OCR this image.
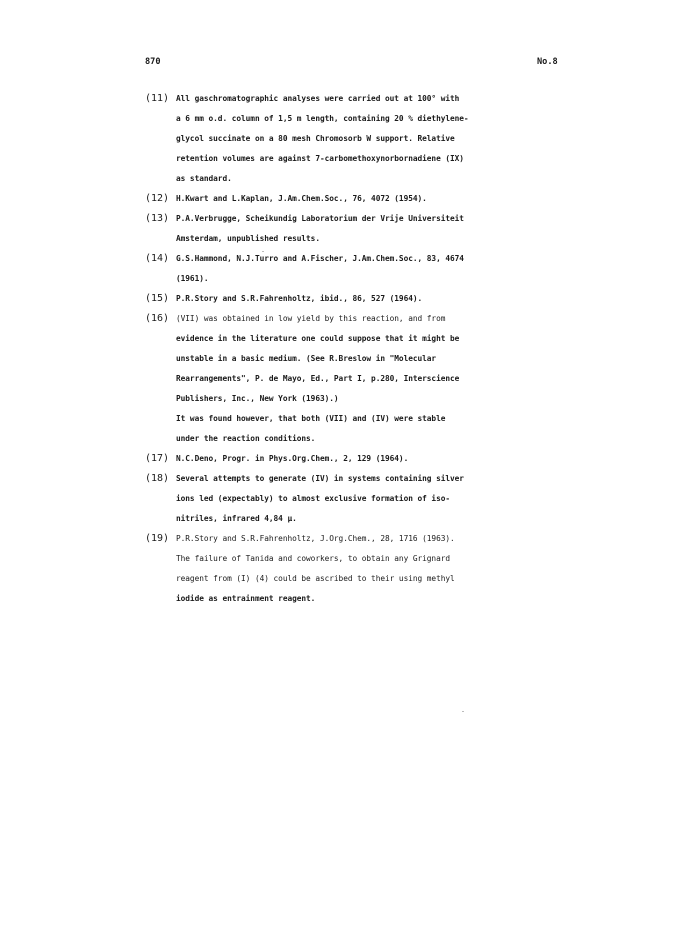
870	No.8
(11) All gaschromatographic analyses were carried out at 100° with
a 6 mm o.d. column of 1,5 m length, containing 20 % diethylene-
glycol succinate on a 80 mesh Chromosorb W support. Relative
retention volumes are against 7-carbomethoxynorbornadiene (IX)
as standard.
(12) H.Kwart and L.Kaplan, J.Am.Chem.Soc., 76, 4072 (1954).
(13) P.A.Verbrugge, Scheikundig Laboratorium der Vrije Universiteit
Amsterdam, unpublished results.
(14) G.S.Hammond, N.J.Turro and A.Fischer, J.Am.Chem.Soc., 83, 4674
(1961).
(15) P.R.Story and S.R.Fahrenholtz, ibid., 86, 527 (1964).
(16) (VII) was obtained in low yield by this reaction, and from
evidence in the literature one could suppose that it might be
unstable in a basic medium. (See R.Breslow in "Molecular
Rearrangements", P. de Mayo, Ed., Part I, p.280, Interscience
Publishers, Inc., New York (1963).)
It was found however, that both (VII) and (IV) were stable
under the reaction conditions.
(17) N.C.Deno, Progr. in Phys.Org.Chem., 2, 129 (1964).
(18) Several attempts to generate (IV) in systems containing silver
ions led (expectably) to almost exclusive formation of iso-
nitriles, infrared 4,84 μ.
(19) P.R.Story and S.R.Fahrenholtz, J.Org.Chem., 28, 1716 (1963).
The failure of Tanida and coworkers, to obtain any Grignard
reagent from (I) (4) could be ascribed to their using methyl
iodide as entrainment reagent.
